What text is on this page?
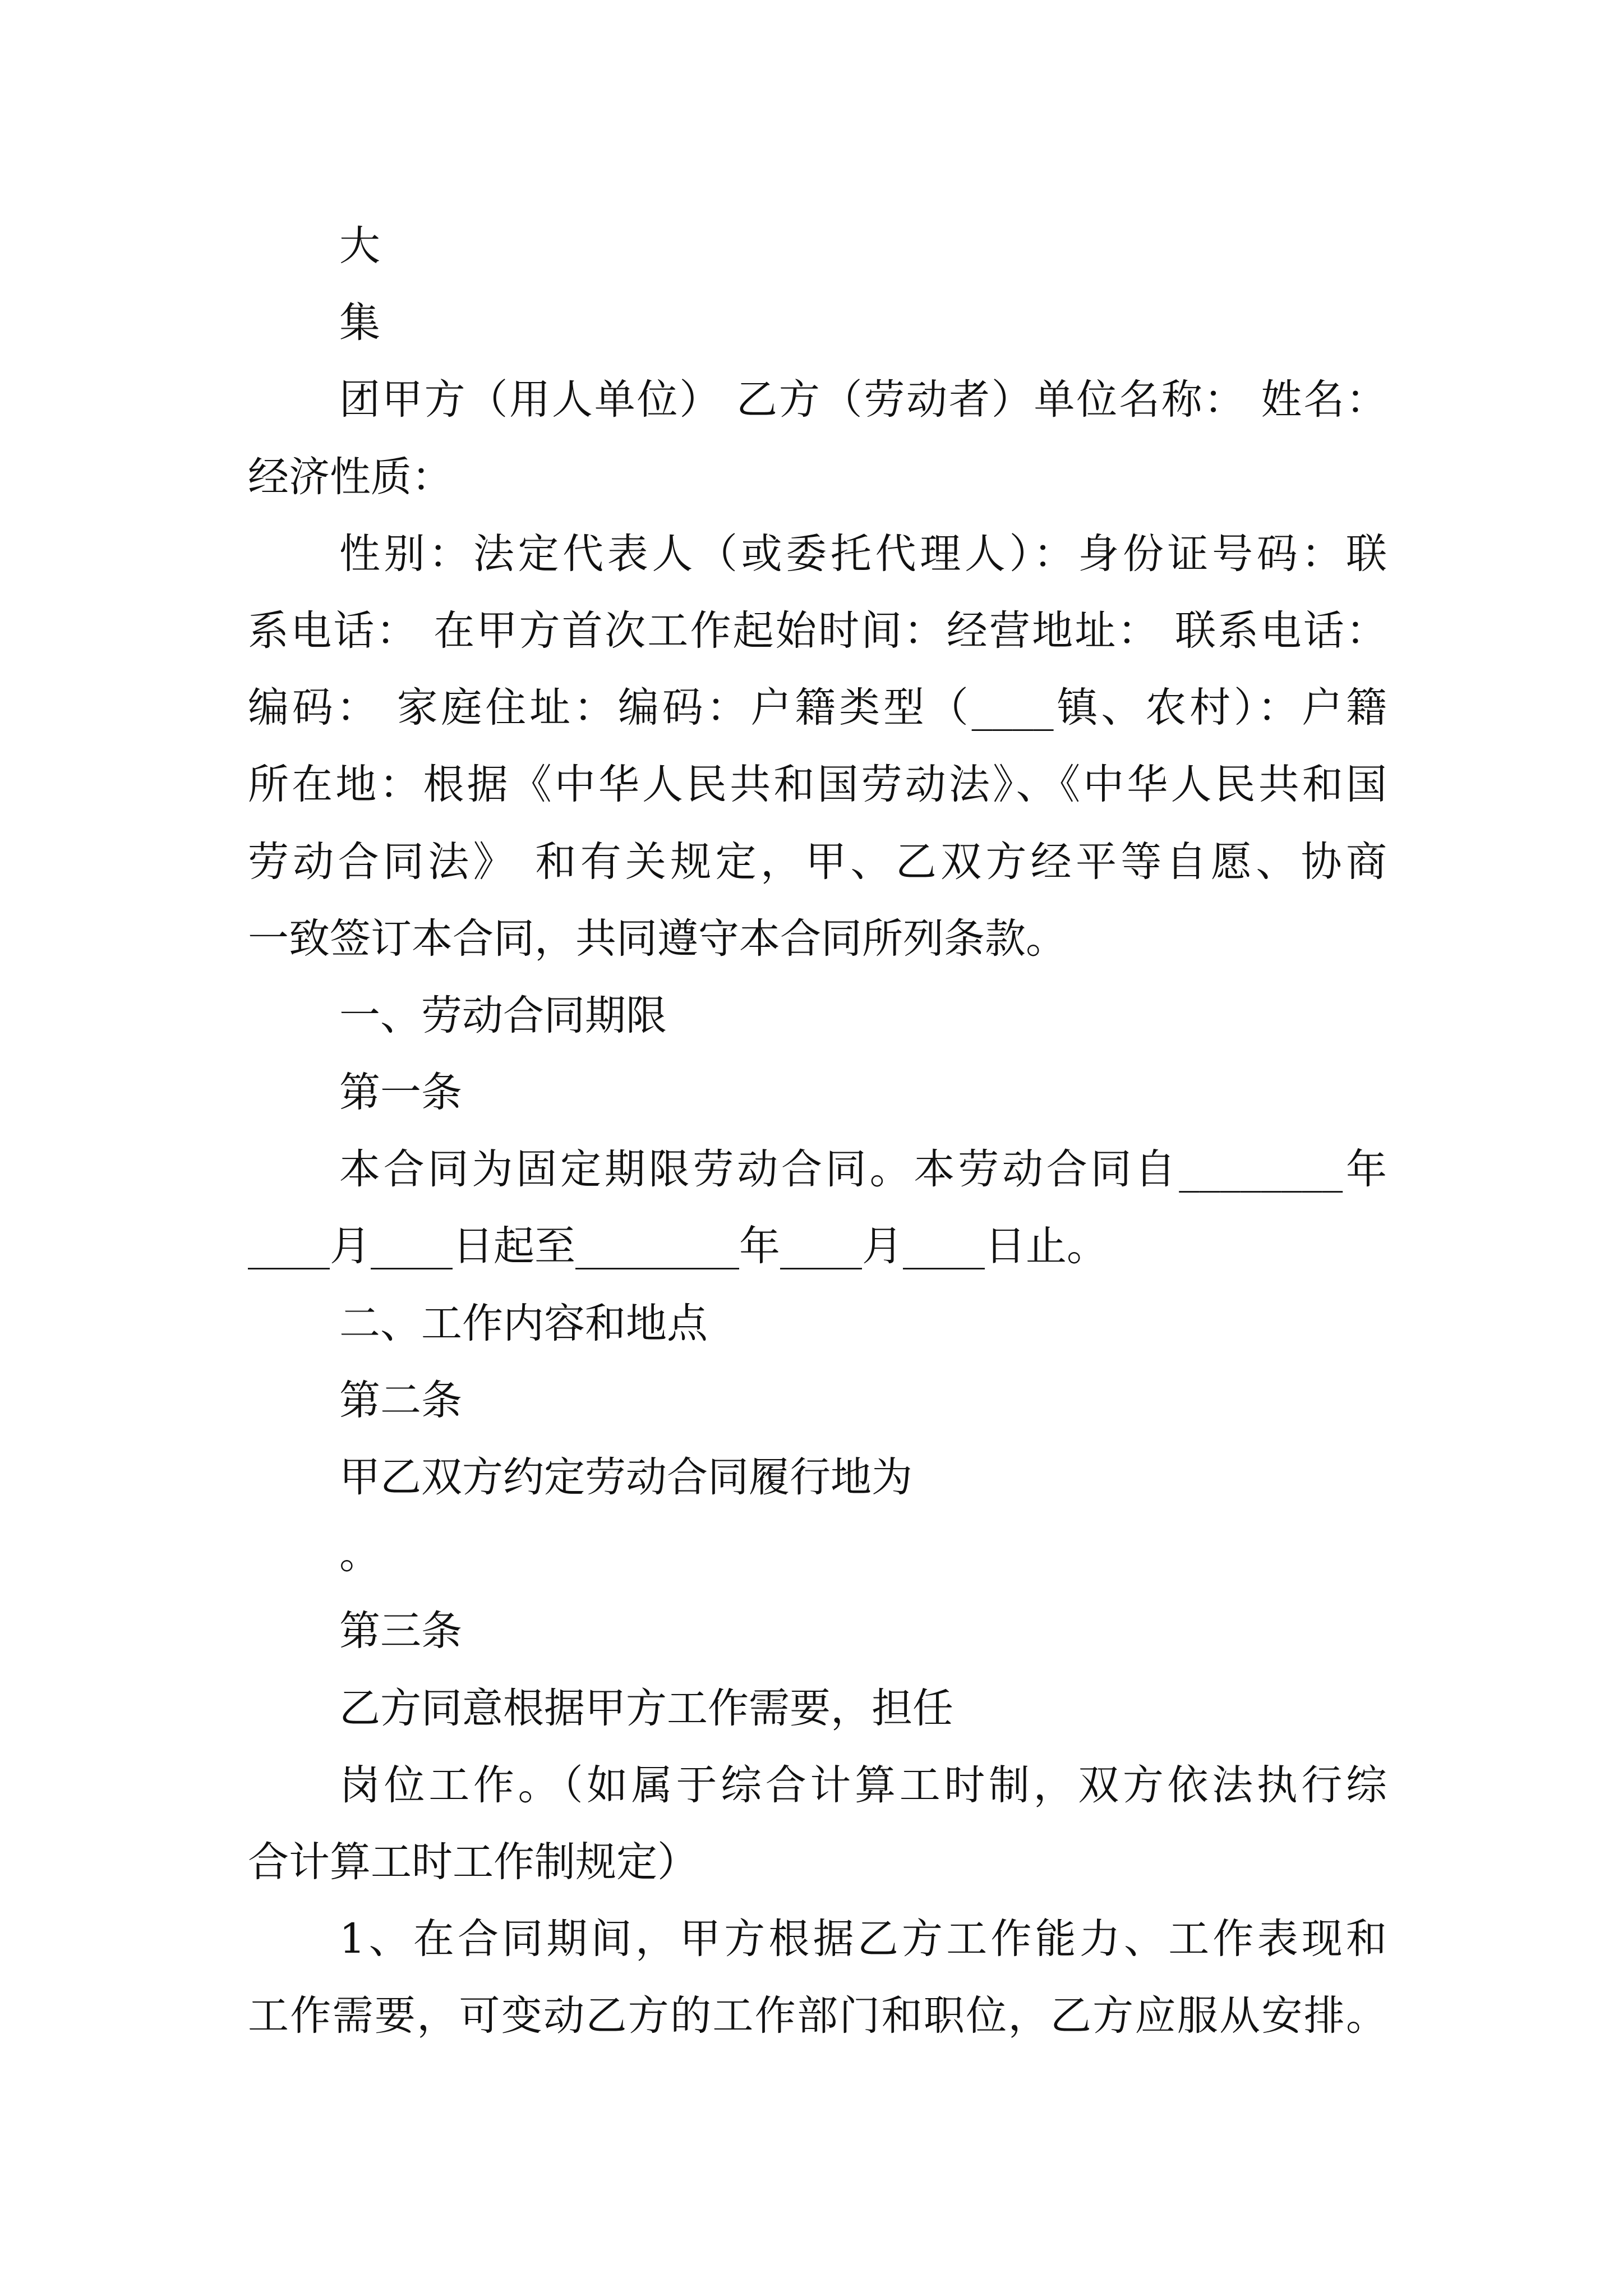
大
集
团甲方（用人单位） 乙方（劳动者）单位名称： 姓名：
经济性质：
性别：法定代表人（或委托代理人）：身份证号码：联
系电话： 在甲方首次工作起始时间：经营地址： 联系电话：
编码： 家庭住址：编码：户籍类型（____镇、农村）：户籍
所在地：根据《中华人民共和国劳动法》、《中华人民共和国
劳动合同法》 和有关规定，甲、乙双方经平等自愿、协商
一致签订本合同，共同遵守本合同所列条款。
一、劳动合同期限
第一条
本合同为固定期限劳动合同。本劳动合同自________年
____月____日起至________年____月____日止。
二、工作内容和地点
第二条
甲乙双方约定劳动合同履行地为
。
第三条
乙方同意根据甲方工作需要，担任
岗位工作。（如属于综合计算工时制，双方依法执行综
合计算工时工作制规定）
1、在合同期间，甲方根据乙方工作能力、工作表现和
工作需要，可变动乙方的工作部门和职位，乙方应服从安排。
